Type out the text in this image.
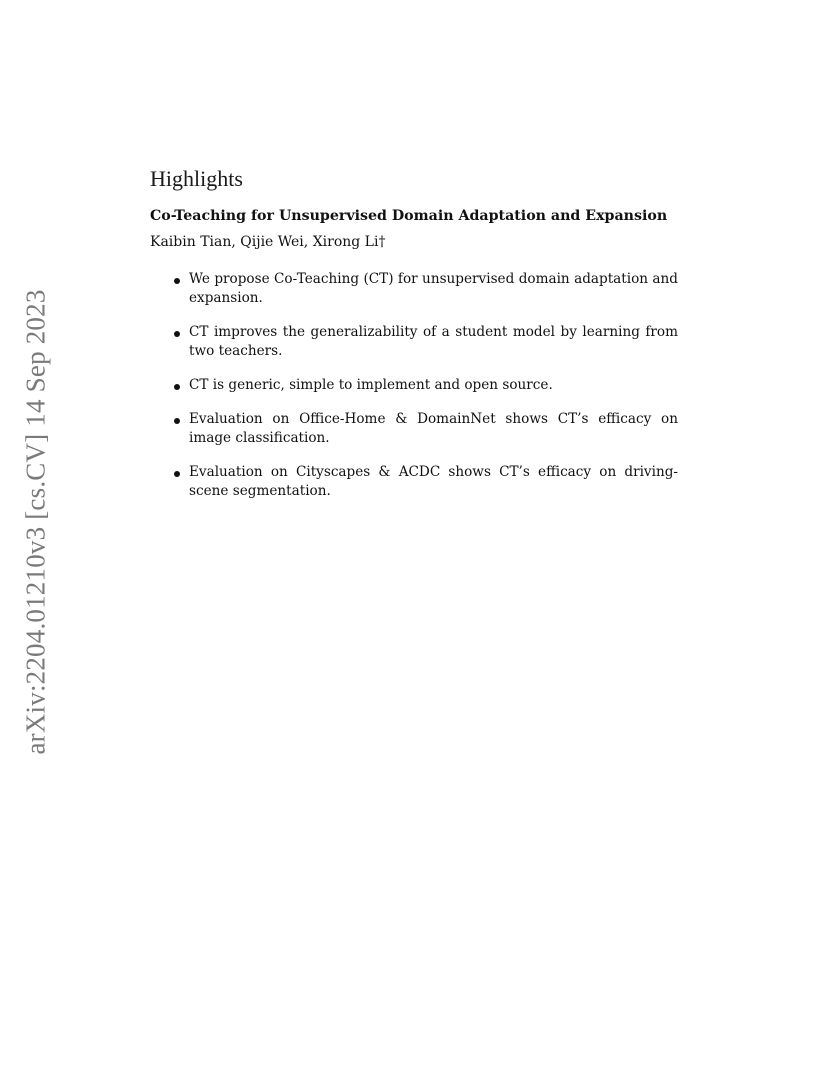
arXiv:2204.01210v3 [cs.CV] 14 Sep 2023
Highlights
Co-Teaching for Unsupervised Domain Adaptation and Expansion
Kaibin Tian, Qijie Wei, Xirong Li†
We propose Co-Teaching (CT) for unsupervised domain adaptation and expansion.
CT improves the generalizability of a student model by learning from two teachers.
CT is generic, simple to implement and open source.
Evaluation on Office-Home & DomainNet shows CT’s efficacy on image classification.
Evaluation on Cityscapes & ACDC shows CT’s efficacy on driving-scene segmentation.
